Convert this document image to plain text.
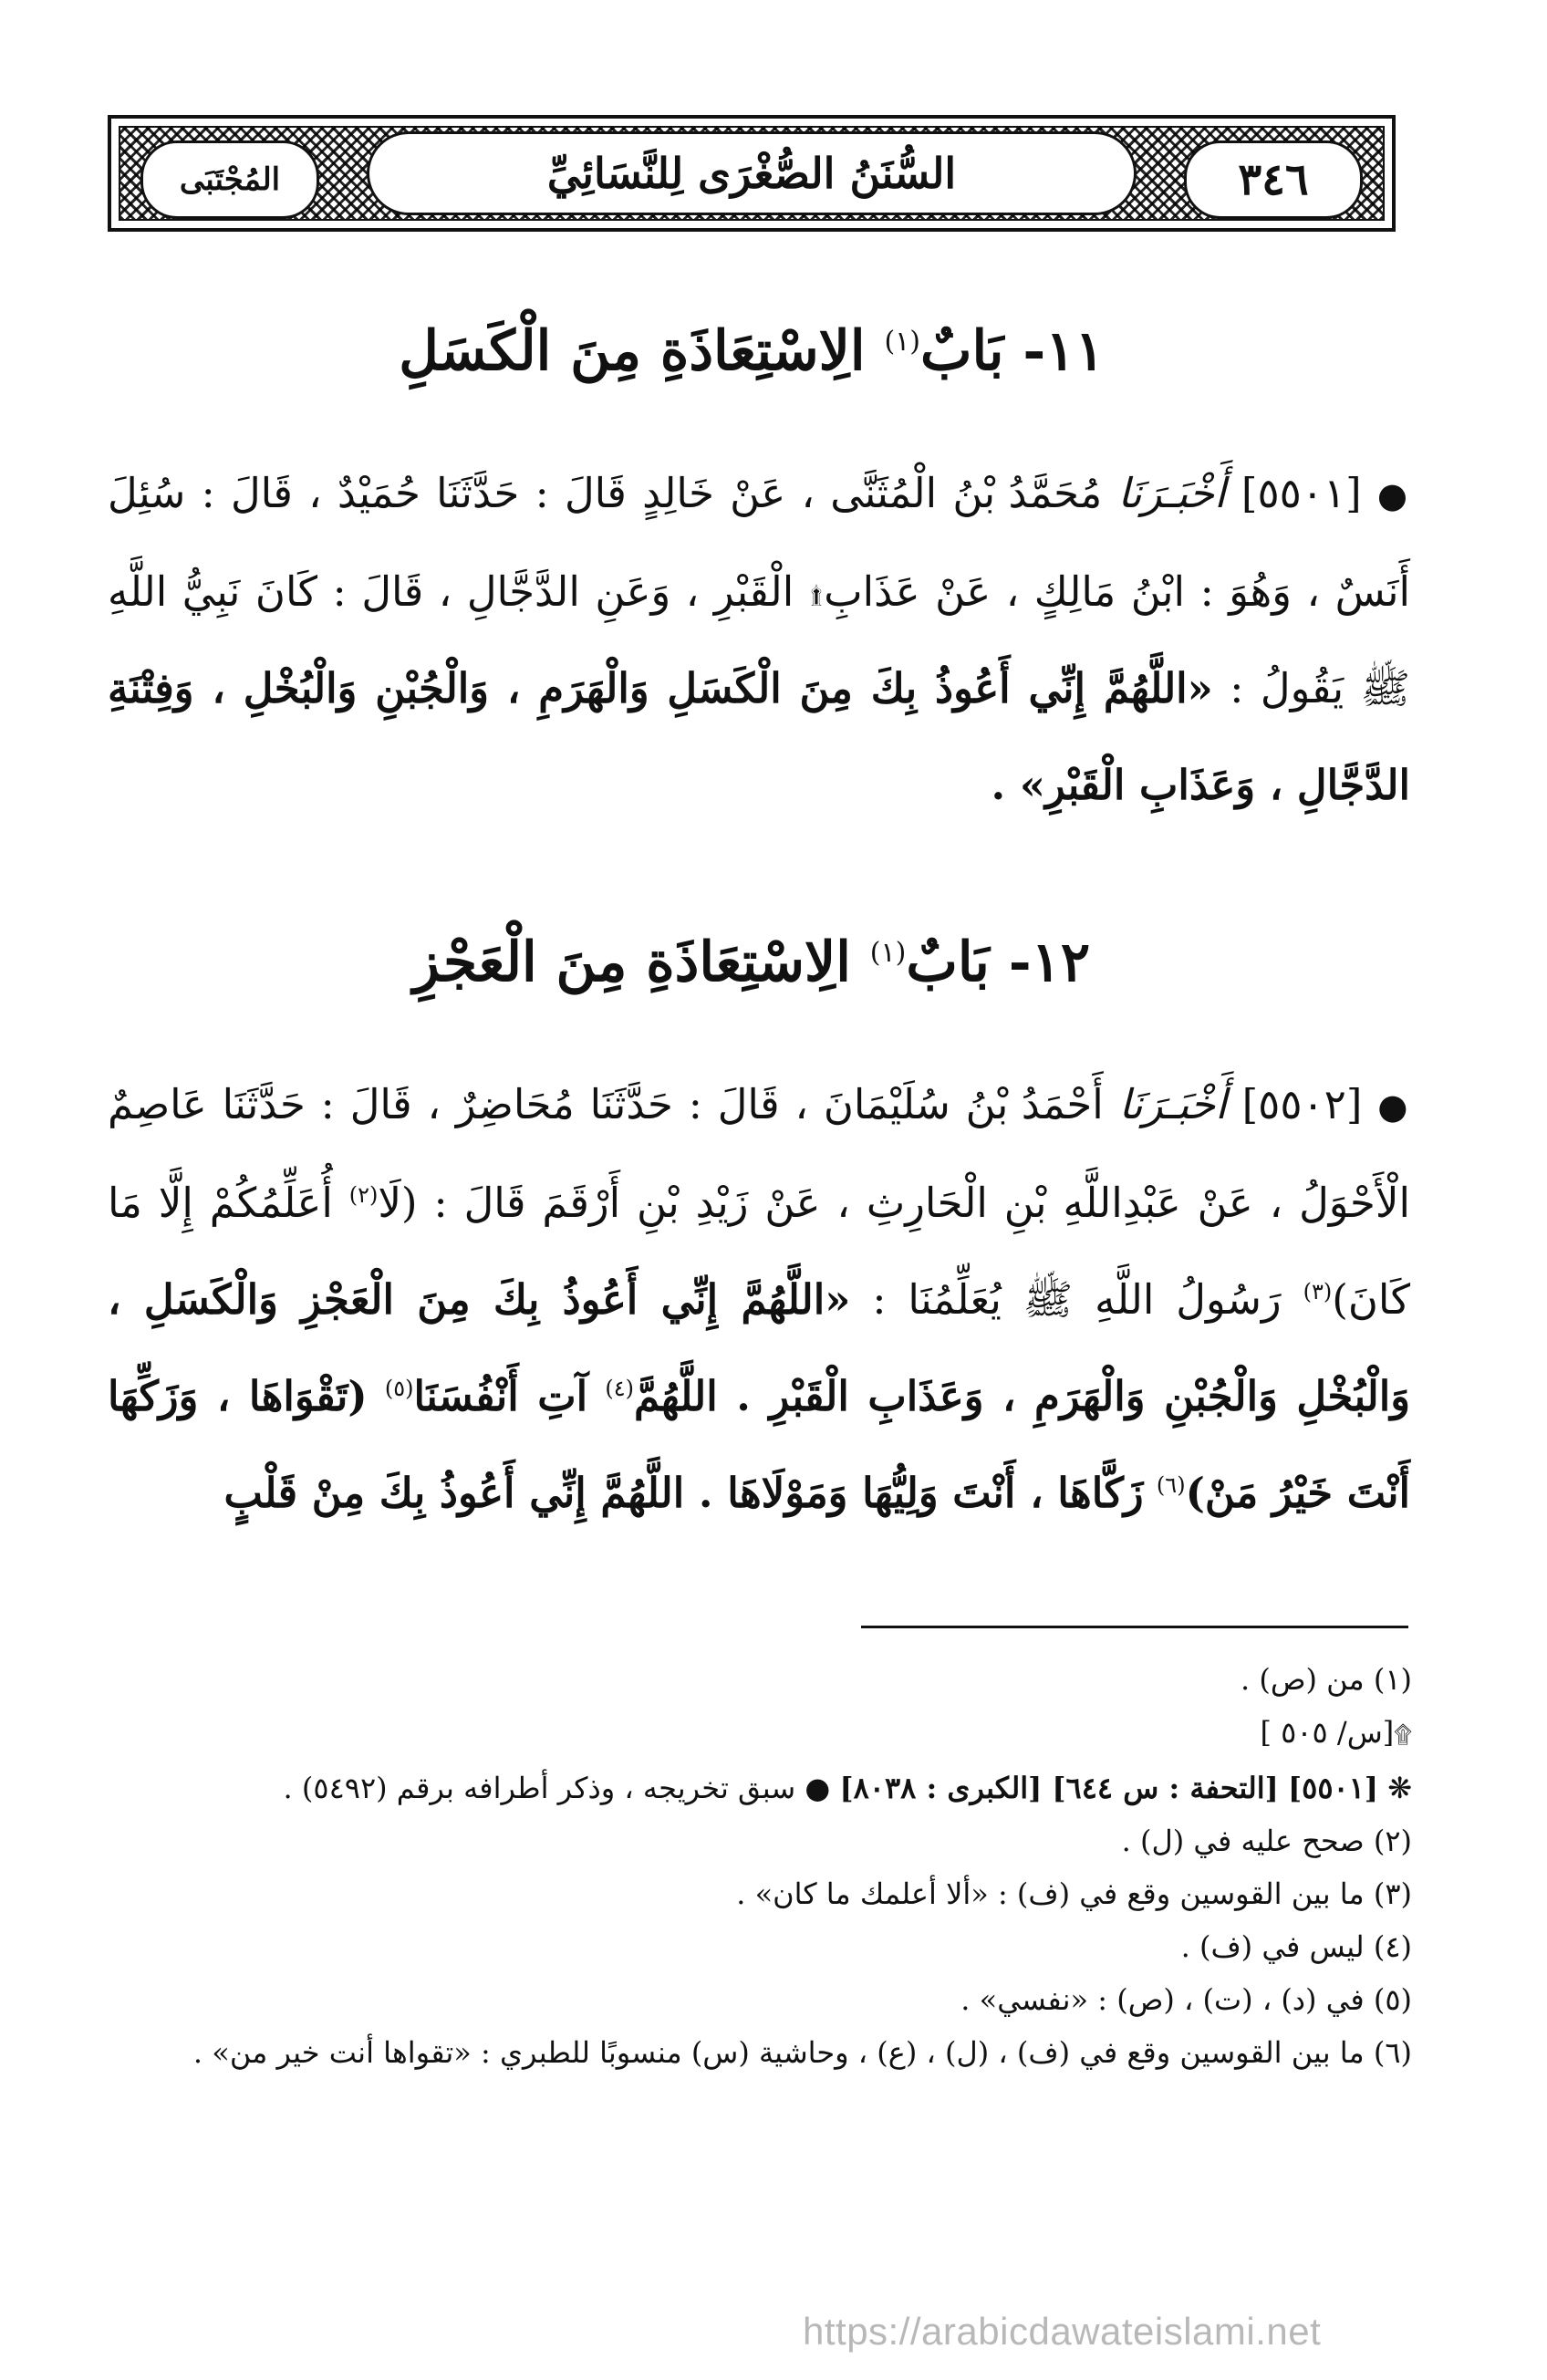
٣٤٦
السُّنَنُ الصُّغْرَى لِلنَّسَائِيِّ
المُجْتَبَى
١١- بَابٌ$^{(١)}$ الِاسْتِعَاذَةِ مِنَ الْكَسَلِ
● [٥٥٠١] أَخْبَـرَنَا مُحَمَّدُ بْنُ الْمُثَنَّى ، عَنْ خَالِدٍ قَالَ : حَدَّثَنَا حُمَيْدٌ ، قَالَ : سُئِلَ أَنَسٌ ، وَهُوَ : ابْنُ مَالِكٍ ، عَنْ عَذَابِ۩ الْقَبْرِ ، وَعَنِ الدَّجَّالِ ، قَالَ : كَانَ نَبِيُّ اللَّهِ ﷺ يَقُولُ : «اللَّهُمَّ إِنِّي أَعُوذُ بِكَ مِنَ الْكَسَلِ وَالْهَرَمِ ، وَالْجُبْنِ وَالْبُخْلِ ، وَفِتْنَةِ الدَّجَّالِ ، وَعَذَابِ الْقَبْرِ» .
١٢- بَابٌ$^{(١)}$ الِاسْتِعَاذَةِ مِنَ الْعَجْزِ
● [٥٥٠٢] أَخْبَـرَنَا أَحْمَدُ بْنُ سُلَيْمَانَ ، قَالَ : حَدَّثَنَا مُحَاضِرٌ ، قَالَ : حَدَّثَنَا عَاصِمٌ الْأَحْوَلُ ، عَنْ عَبْدِاللَّهِ بْنِ الْحَارِثِ ، عَنْ زَيْدِ بْنِ أَرْقَمَ قَالَ : (لَا$^{(٢)}$ أُعَلِّمُكُمْ إِلَّا مَا كَانَ)$^{(٣)}$ رَسُولُ اللَّهِ ﷺ يُعَلِّمُنَا : «اللَّهُمَّ إِنِّي أَعُوذُ بِكَ مِنَ الْعَجْزِ وَالْكَسَلِ ، وَالْبُخْلِ وَالْجُبْنِ وَالْهَرَمِ ، وَعَذَابِ الْقَبْرِ . اللَّهُمَّ$^{(٤)}$ آتِ أَنْفُسَنَا$^{(٥)}$ (تَقْوَاهَا ، وَزَكِّهَا أَنْتَ خَيْرُ مَنْ)$^{(٦)}$ زَكَّاهَا ، أَنْتَ وَلِيُّهَا وَمَوْلَاهَا . اللَّهُمَّ إِنِّي أَعُوذُ بِكَ مِنْ قَلْبٍ
(١) من (ص) .
۩[س/ ٥٠٥ ]
❋ [٥٥٠١] [التحفة : س ٦٤٤] [الكبرى : ٨٠٣٨] ● سبق تخريجه ، وذكر أطرافه برقم (٥٤٩٢) .
(٢) صحح عليه في (ل) .
(٣) ما بين القوسين وقع في (ف) : «ألا أعلمك ما كان» .
(٤) ليس في (ف) .
(٥) في (د) ، (ت) ، (ص) : «نفسي» .
(٦) ما بين القوسين وقع في (ف) ، (ل) ، (ع) ، وحاشية (س) منسوبًا للطبري : «تقواها أنت خير من» .
https://arabicdawateislami.net
